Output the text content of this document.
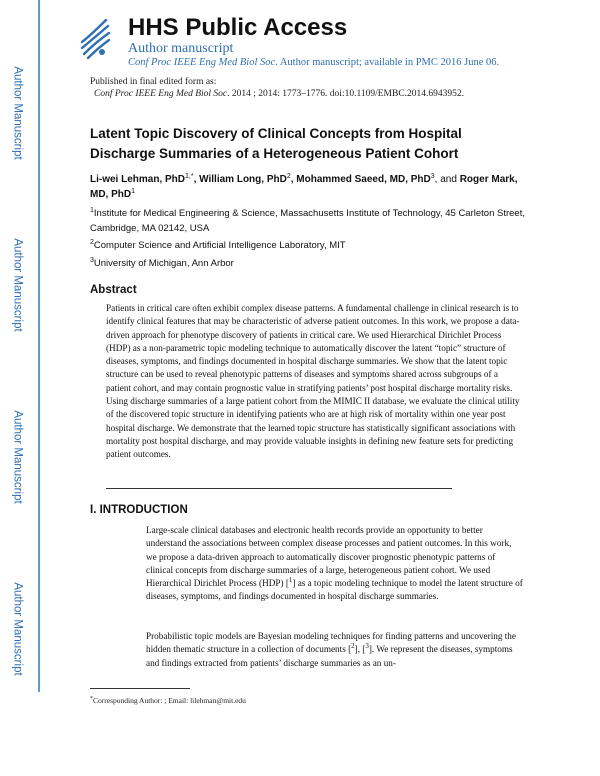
Author Manuscript
Author Manuscript
Author Manuscript
Author Manuscript
HHS Public Access
Author manuscript
Conf Proc IEEE Eng Med Biol Soc. Author manuscript; available in PMC 2016 June 06.
Published in final edited form as:
Conf Proc IEEE Eng Med Biol Soc. 2014 ; 2014: 1773–1776. doi:10.1109/EMBC.2014.6943952.
Latent Topic Discovery of Clinical Concepts from Hospital Discharge Summaries of a Heterogeneous Patient Cohort
Li-wei Lehman, PhD$^{1,*}$, William Long, PhD$^2$, Mohammed Saeed, MD, PhD$^3$, and Roger Mark, MD, PhD$^1$
$^1$Institute for Medical Engineering & Science, Massachusetts Institute of Technology, 45 Carleton Street, Cambridge, MA 02142, USA
$^2$Computer Science and Artificial Intelligence Laboratory, MIT
$^3$University of Michigan, Ann Arbor
Abstract

Patients in critical care often exhibit complex disease patterns. A fundamental challenge in clinical research is to identify clinical features that may be characteristic of adverse patient outcomes. In this work, we propose a data-driven approach for phenotype discovery of patients in critical care. We used Hierarchical Dirichlet Process (HDP) as a non-parametric topic modeling technique to automatically discover the latent “topic” structure of diseases, symptoms, and findings documented in hospital discharge summaries. We show that the latent topic structure can be used to reveal phenotypic patterns of diseases and symptoms shared across subgroups of a patient cohort, and may contain prognostic value in stratifying patients’ post hospital discharge mortality risks. Using discharge summaries of a large patient cohort from the MIMIC II database, we evaluate the clinical utility of the discovered topic structure in identifying patients who are at high risk of mortality within one year post hospital discharge. We demonstrate that the learned topic structure has statistically significant associations with mortality post hospital discharge, and may provide valuable insights in defining new feature sets for predicting patient outcomes.

I. INTRODUCTION

Large-scale clinical databases and electronic health records provide an opportunity to better understand the associations between complex disease processes and patient outcomes. In this work, we propose a data-driven approach to automatically discover prognostic phenotypic patterns of clinical concepts from discharge summaries of a large, heterogeneous patient cohort. We used Hierarchical Dirichlet Process (HDP) [$^1$] as a topic modeling technique to model the latent structure of diseases, symptoms, and findings documented in hospital discharge summaries.

Probabilistic topic models are Bayesian modeling techniques for finding patterns and uncovering the hidden thematic structure in a collection of documents [$^2$], [$^3$]. We represent the diseases, symptoms and findings extracted from patients’ discharge summaries as an un-

*Corresponding Author: ; Email: lilehman@mit.edu
